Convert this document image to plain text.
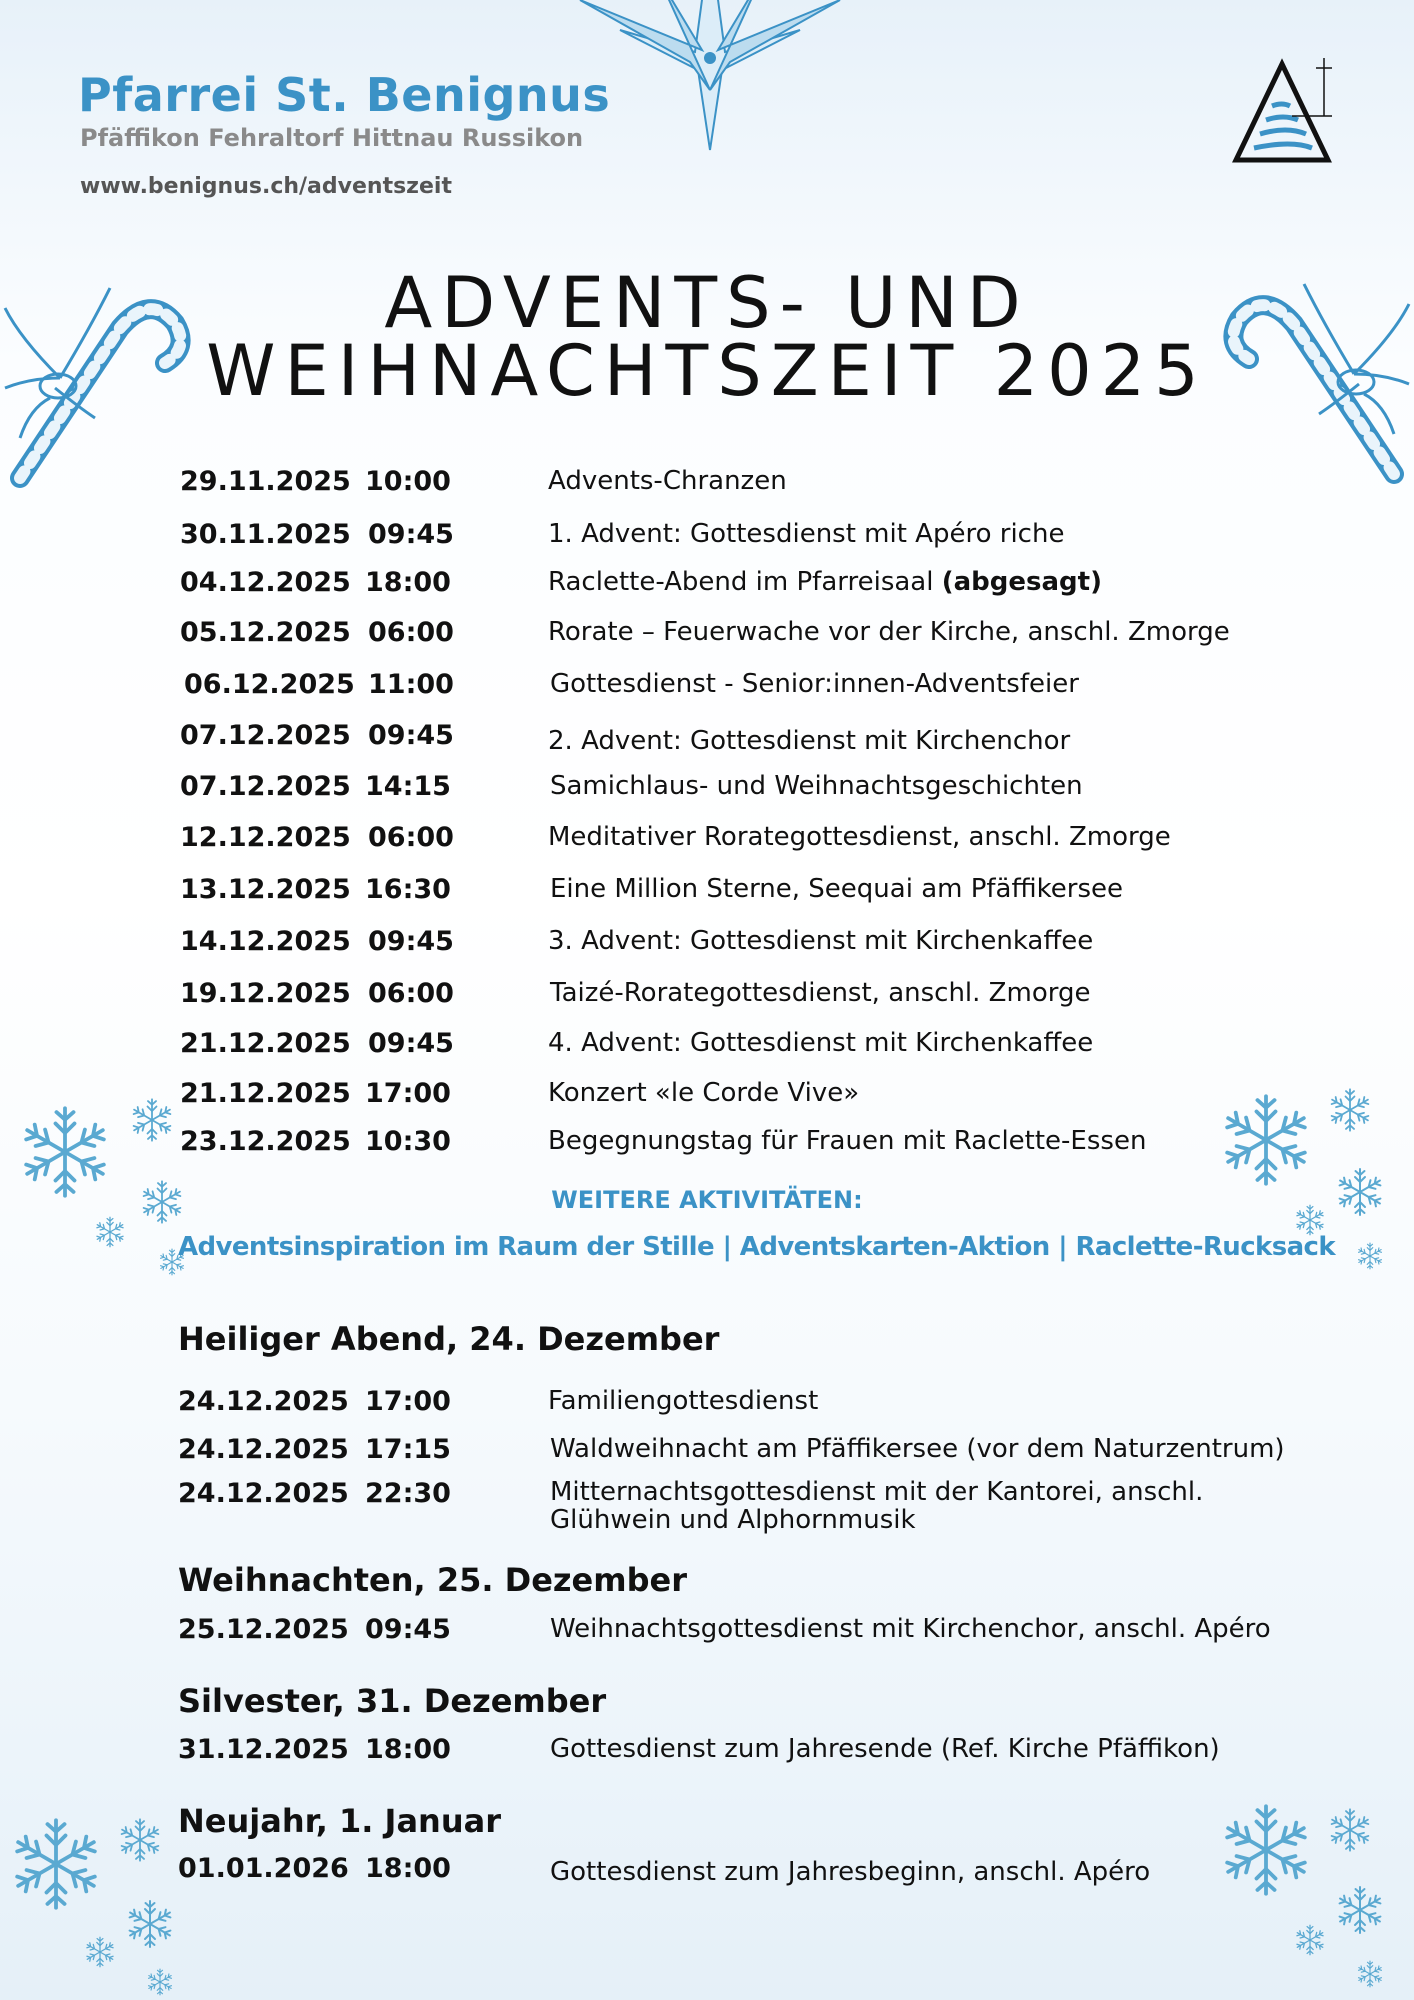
Pfarrei St. Benignus
Pfäffikon Fehraltorf Hittnau Russikon
www.benignus.ch/adventszeit
ADVENTS- UND
WEIHNACHTSZEIT 2025
29.11.2025 10:00	Advents-Chranzen
30.11.2025 09:45	1. Advent: Gottesdienst mit Apéro riche
04.12.2025 18:00	Raclette-Abend im Pfarreisaal (abgesagt)
05.12.2025 06:00	Rorate – Feuerwache vor der Kirche, anschl. Zmorge
06.12.2025 11:00	Gottesdienst - Senior:innen-Adventsfeier
07.12.2025 09:45	2. Advent: Gottesdienst mit Kirchenchor
07.12.2025 14:15	Samichlaus- und Weihnachtsgeschichten
12.12.2025 06:00	Meditativer Rorategottesdienst, anschl. Zmorge
13.12.2025 16:30	Eine Million Sterne, Seequai am Pfäffikersee
14.12.2025 09:45	3. Advent: Gottesdienst mit Kirchenkaffee
19.12.2025 06:00	Taizé-Rorategottesdienst, anschl. Zmorge
21.12.2025 09:45	4. Advent: Gottesdienst mit Kirchenkaffee
21.12.2025 17:00	Konzert «le Corde Vive»
23.12.2025 10:30	Begegnungstag für Frauen mit Raclette-Essen
WEITERE AKTIVITÄTEN:
Adventsinspiration im Raum der Stille | Adventskarten-Aktion | Raclette-Rucksack
Heiliger Abend, 24. Dezember
24.12.2025 17:00	Familiengottesdienst
24.12.2025 17:15	Waldweihnacht am Pfäffikersee (vor dem Naturzentrum)
24.12.2025 22:30	Mitternachtsgottesdienst mit der Kantorei, anschl.
Glühwein und Alphornmusik
Weihnachten, 25. Dezember
25.12.2025 09:45	Weihnachtsgottesdienst mit Kirchenchor, anschl. Apéro
Silvester, 31. Dezember
31.12.2025 18:00	Gottesdienst zum Jahresende (Ref. Kirche Pfäffikon)
Neujahr, 1. Januar
01.01.2026 18:00	Gottesdienst zum Jahresbeginn, anschl. Apéro
